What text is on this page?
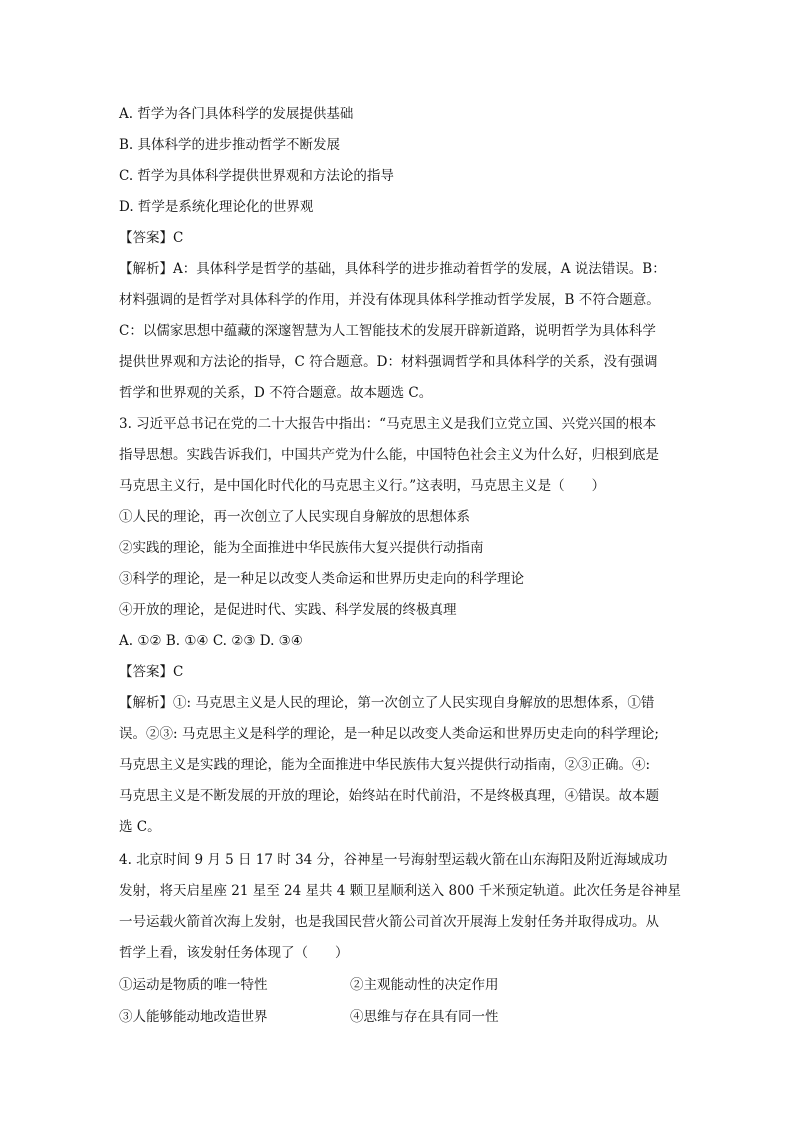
A. 哲学为各门具体科学的发展提供基础
B. 具体科学的进步推动哲学不断发展
C. 哲学为具体科学提供世界观和方法论的指导
D. 哲学是系统化理论化的世界观
【答案】C
【解析】A：具体科学是哲学的基础，具体科学的进步推动着哲学的发展，A 说法错误。B：
材料强调的是哲学对具体科学的作用，并没有体现具体科学推动哲学发展，B 不符合题意。
C：以儒家思想中蕴藏的深邃智慧为人工智能技术的发展开辟新道路，说明哲学为具体科学
提供世界观和方法论的指导，C 符合题意。D：材料强调哲学和具体科学的关系，没有强调
哲学和世界观的关系，D 不符合题意。故本题选 C。
3. 习近平总书记在党的二十大报告中指出：“马克思主义是我们立党立国、兴党兴国的根本
指导思想。实践告诉我们，中国共产党为什么能，中国特色社会主义为什么好，归根到底是
马克思主义行，是中国化时代化的马克思主义行。”这表明，马克思主义是（　　）
①人民的理论，再一次创立了人民实现自身解放的思想体系
②实践的理论，能为全面推进中华民族伟大复兴提供行动指南
③科学的理论，是一种足以改变人类命运和世界历史走向的科学理论
④开放的理论，是促进时代、实践、科学发展的终极真理
A. ①② B. ①④ C. ②③ D. ③④
【答案】C
【解析】①: 马克思主义是人民的理论，第一次创立了人民实现自身解放的思想体系，①错
误。②③: 马克思主义是科学的理论，是一种足以改变人类命运和世界历史走向的科学理论;
马克思主义是实践的理论，能为全面推进中华民族伟大复兴提供行动指南，②③正确。④:
马克思主义是不断发展的开放的理论，始终站在时代前沿，不是终极真理，④错误。故本题
选 C。
4. 北京时间 9 月 5 日 17 时 34 分，谷神星一号海射型运载火箭在山东海阳及附近海域成功
发射，将天启星座 21 星至 24 星共 4 颗卫星顺利送入 800 千米预定轨道。此次任务是谷神星
一号运载火箭首次海上发射，也是我国民营火箭公司首次开展海上发射任务并取得成功。从
哲学上看，该发射任务体现了（　　）
①运动是物质的唯一特性	②主观能动性的决定作用
③人能够能动地改造世界	④思维与存在具有同一性
